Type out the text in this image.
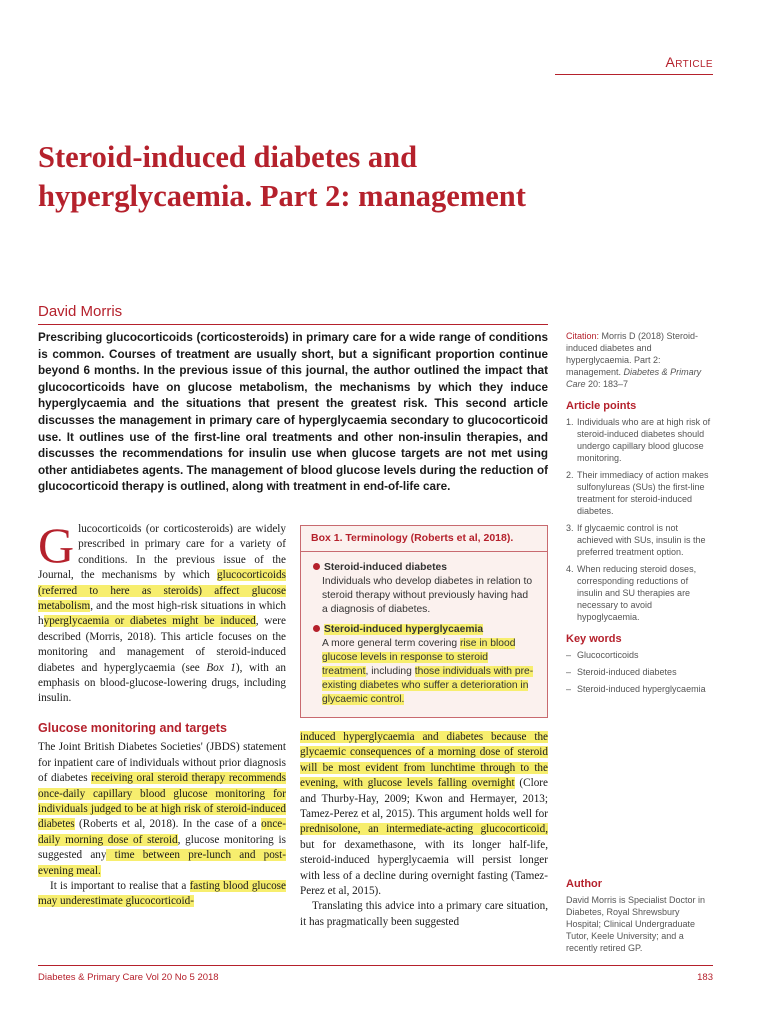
Article
Steroid-induced diabetes and hyperglycaemia. Part 2: management
David Morris

Prescribing glucocorticoids (corticosteroids) in primary care for a wide range of conditions is common. Courses of treatment are usually short, but a significant proportion continue beyond 6 months. In the previous issue of this journal, the author outlined the impact that glucocorticoids have on glucose metabolism, the mechanisms by which they induce hyperglycaemia and the situations that present the greatest risk. This second article discusses the management in primary care of hyperglycaemia secondary to glucocorticoid use. It outlines use of the first-line oral treatments and other non-insulin therapies, and discusses the recommendations for insulin use when glucose targets are not met using other antidiabetes agents. The management of blood glucose levels during the reduction of glucocorticoid therapy is outlined, along with treatment in end-of-life care.

Glucocorticoids (or corticosteroids) are widely prescribed in primary care for a variety of conditions. In the previous issue of the Journal, the mechanisms by which glucocorticoids (referred to here as steroids) affect glucose metabolism, and the most high-risk situations in which hyperglycaemia or diabetes might be induced, were described (Morris, 2018). This article focuses on the monitoring and management of steroid-induced diabetes and hyperglycaemia (see Box 1), with an emphasis on blood-glucose-lowering drugs, including insulin.

Glucose monitoring and targets

The Joint British Diabetes Societies' (JBDS) statement for inpatient care of individuals without prior diagnosis of diabetes receiving oral steroid therapy recommends once-daily capillary blood glucose monitoring for individuals judged to be at high risk of steroid-induced diabetes (Roberts et al, 2018). In the case of a once-daily morning dose of steroid, glucose monitoring is suggested any time between pre-lunch and post-evening meal.

It is important to realise that a fasting blood glucose may underestimate glucocorticoid-

Box 1. Terminology (Roberts et al, 2018).
Steroid-induced diabetes
Individuals who develop diabetes in relation to steroid therapy without previously having had a diagnosis of diabetes.
Steroid-induced hyperglycaemia
A more general term covering rise in blood glucose levels in response to steroid treatment, including those individuals with pre-existing diabetes who suffer a deterioration in glycaemic control.

induced hyperglycaemia and diabetes because the glycaemic consequences of a morning dose of steroid will be most evident from lunchtime through to the evening, with glucose levels falling overnight (Clore and Thurby-Hay, 2009; Kwon and Hermayer, 2013; Tamez-Perez et al, 2015). This argument holds well for prednisolone, an intermediate-acting glucocorticoid, but for dexamethasone, with its longer half-life, steroid-induced hyperglycaemia will persist longer with less of a decline during overnight fasting (Tamez-Perez et al, 2015).

Translating this advice into a primary care situation, it has pragmatically been suggested

Citation: Morris D (2018) Steroid-induced diabetes and hyperglycaemia. Part 2: management. Diabetes & Primary Care 20: 183–7

Article points
1. Individuals who are at high risk of steroid-induced diabetes should undergo capillary blood glucose monitoring.
2. Their immediacy of action makes sulfonylureas (SUs) the first-line treatment for steroid-induced diabetes.
3. If glycaemic control is not achieved with SUs, insulin is the preferred treatment option.
4. When reducing steroid doses, corresponding reductions of insulin and SU therapies are necessary to avoid hypoglycaemia.
Key words
– Glucocorticoids
– Steroid-induced diabetes
– Steroid-induced hyperglycaemia
Author

David Morris is Specialist Doctor in Diabetes, Royal Shrewsbury Hospital; Clinical Undergraduate Tutor, Keele University; and a recently retired GP.

Diabetes & Primary Care Vol 20 No 5 2018	183
